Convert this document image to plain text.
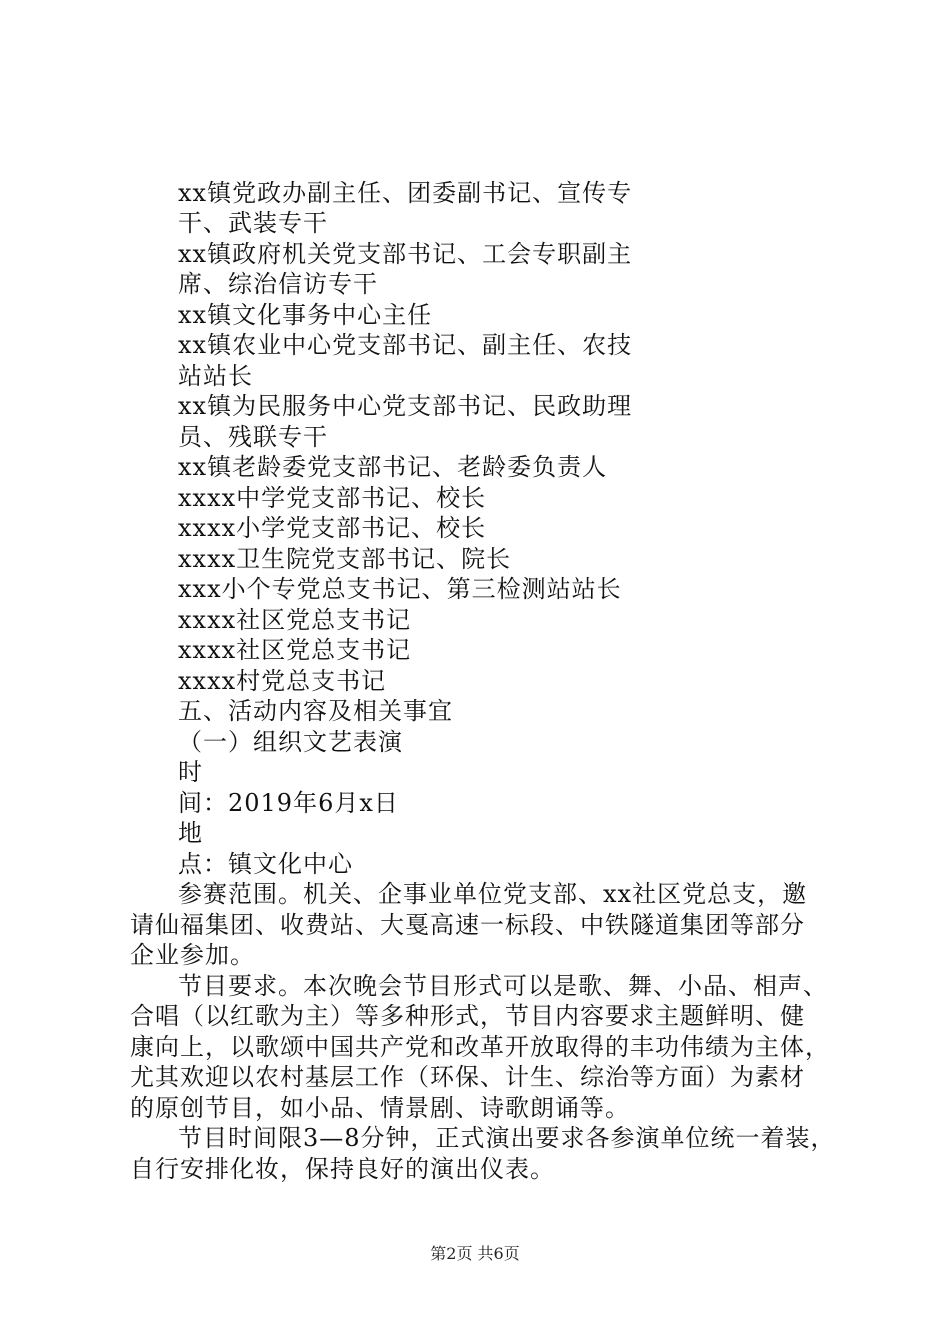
xx镇党政办副主任、团委副书记、宣传专
干、武装专干
xx镇政府机关党支部书记、工会专职副主
席、综治信访专干
xx镇文化事务中心主任
xx镇农业中心党支部书记、副主任、农技
站站长
xx镇为民服务中心党支部书记、民政助理
员、残联专干
xx镇老龄委党支部书记、老龄委负责人
xxxx中学党支部书记、校长
xxxx小学党支部书记、校长
xxxx卫生院党支部书记、院长
xxx小个专党总支书记、第三检测站站长
xxxx社区党总支书记
xxxx社区党总支书记
xxxx村党总支书记
五、活动内容及相关事宜
（一）组织文艺表演
时
间：2019年6月x日
地
点：镇文化中心
参赛范围。机关、企事业单位党支部、xx社区党总支，邀
请仙福集团、收费站、大戛高速一标段、中铁隧道集团等部分
企业参加。
节目要求。本次晚会节目形式可以是歌、舞、小品、相声、
合唱（以红歌为主）等多种形式，节目内容要求主题鲜明、健
康向上，以歌颂中国共产党和改革开放取得的丰功伟绩为主体，
尤其欢迎以农村基层工作（环保、计生、综治等方面）为素材
的原创节目，如小品、情景剧、诗歌朗诵等。
节目时间限3—8分钟，正式演出要求各参演单位统一着装，
自行安排化妆，保持良好的演出仪表。
第2页 共6页
